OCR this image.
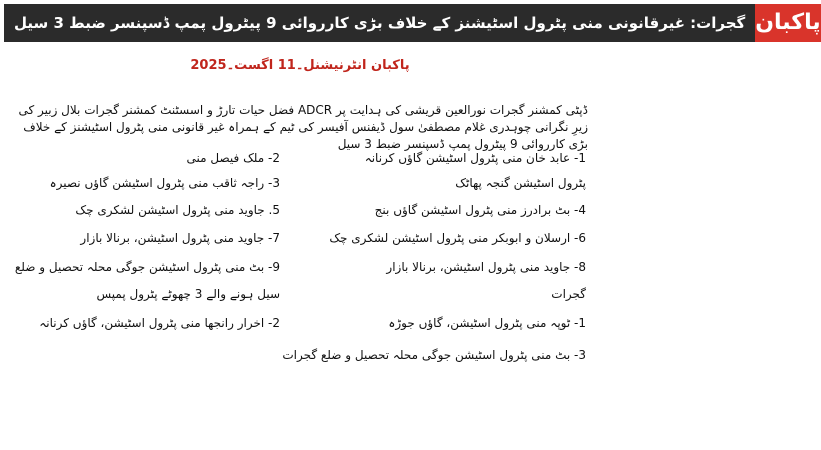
گجرات: غیرقانونی منی پٹرول اسٹیشنز کے خلاف بڑی کارروائی 9 پیٹرول پمپ ڈسپنسر ضبط 3 سیل پاکبان
پاکبان انٹرنیشنل۔11 اگست۔2025
ڈپٹی کمشنر گجرات نورالعین قریشی کی ہدایت پر ADCR فضل حیات تارڑ و اسسٹنٹ کمشنر گجرات بلال زبیر کی زیرِ نگرانی چوہدری غلام مصطفیٰ سول ڈیفنس آفیسر کی ٹیم کے ہمراہ غیر قانونی منی پٹرول اسٹیشنز کے خلاف بڑی کارروائی 9 پیٹرول پمپ ڈسپنسر ضبط 3 سیل
1- عابد خان منی پٹرول اسٹیشن گاؤں کرنانہ
2- ملک فیصل منی
پٹرول اسٹیشن گنجہ پھاٹک
3- راجہ ثاقب منی پٹرول اسٹیشن گاؤں نصیرہ
4- بٹ برادرز منی پٹرول اسٹیشن گاؤں بنج
5. جاوید منی پٹرول اسٹیشن لشکری چک
6- ارسلان و ابوبکر منی پٹرول اسٹیشن لشکری چک
7- جاوید منی پٹرول اسٹیشن، برنالا بازار
8- جاوید منی پٹرول اسٹیشن، برنالا بازار
9- بٹ منی پٹرول اسٹیشن جوگی محلہ تحصیل و ضلع
گجرات
سیل ہونے والے 3 چھوٹے پٹرول پمپس
1- ٹوپہ منی پٹرول اسٹیشن، گاؤں جوڑہ
2- اخرار رانجھا منی پٹرول اسٹیشن، گاؤں کرنانہ
3- بٹ منی پٹرول اسٹیشن جوگی محلہ تحصیل و ضلع گجرات
